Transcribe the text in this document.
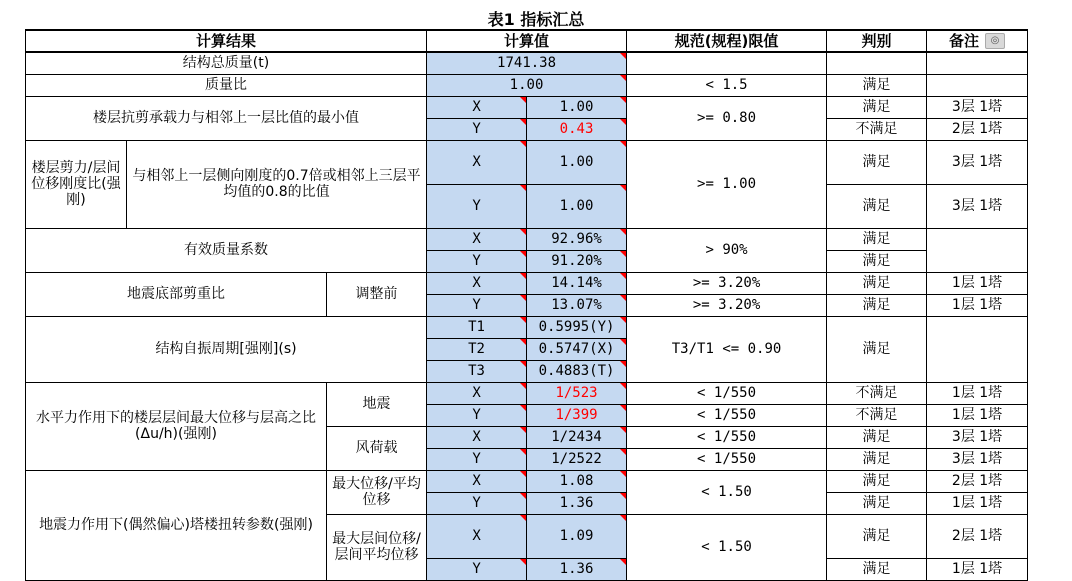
表1 指标汇总
计算结果			计算值		规范(规程)限值	判别	备注 ◎
结构总质量(t)			1741.38				
质量比			1.00		< 1.5	满足	
楼层抗剪承载力与相邻上一层比值的最小值			X	1.00	>= 0.80	满足	3层 1塔
			Y	0.43		不满足	2层 1塔
楼层剪力/层间位移刚度比(强刚)	与相邻上一层侧向刚度的0.7倍或相邻上三层平均值的0.8的比值		X	1.00	>= 1.00	满足	3层 1塔
			Y	1.00		满足	3层 1塔
有效质量系数			X	92.96%	> 90%	满足	
			Y	91.20%		满足	
地震底部剪重比		调整前	X	14.14%	>= 3.20%	满足	1层 1塔
			Y	13.07%	>= 3.20%	满足	1层 1塔
结构自振周期[强刚](s)			T1	0.5995(Y)	T3/T1 <= 0.90	满足	
			T2	0.5747(X)			
			T3	0.4883(T)			
水平力作用下的楼层层间最大位移与层高之比(Δu/h)(强刚)		地震	X	1/523	< 1/550	不满足	1层 1塔
			Y	1/399	< 1/550	不满足	1层 1塔
		风荷载	X	1/2434	< 1/550	满足	3层 1塔
			Y	1/2522	< 1/550	满足	3层 1塔
地震力作用下(偶然偏心)塔楼扭转参数(强刚)		最大位移/平均位移	X	1.08	< 1.50	满足	2层 1塔
			Y	1.36		满足	1层 1塔
		最大层间位移/层间平均位移	X	1.09	< 1.50	满足	2层 1塔
			Y	1.36		满足	1层 1塔
